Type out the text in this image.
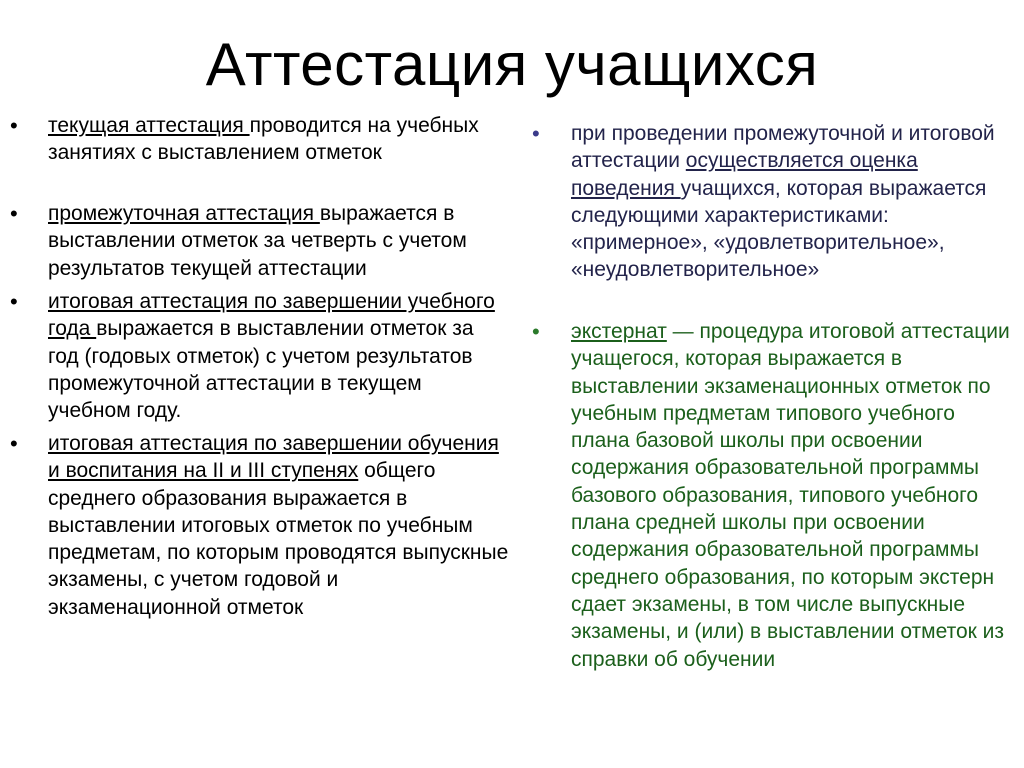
Аттестация учащихся
• текущая аттестация проводится на учебных занятиях с выставлением отметок

• промежуточная аттестация выражается в выставлении отметок за четверть с учетом результатов текущей аттестации

• итоговая аттестация по завершении учебного года выражается в выставлении отметок за год (годовых отметок) с учетом результатов промежуточной аттестации в текущем учебном году.

• итоговая аттестация по завершении обучения и воспитания на II и III ступенях общего среднего образования выражается в выставлении итоговых отметок по учебным предметам, по которым проводятся выпускные экзамены, с учетом годовой и экзаменационной отметок

• при проведении промежуточной и итоговой аттестации осуществляется оценка поведения учащихся, которая выражается следующими характеристиками: «примерное», «удовлетворительное», «неудовлетворительное»

• экстернат — процедура итоговой аттестации учащегося, которая выражается в выставлении экзаменационных отметок по учебным предметам типового учебного плана базовой школы при освоении содержания образовательной программы базового образования, типового учебного плана средней школы при освоении содержания образовательной программы среднего образования, по которым экстерн сдает экзамены, в том числе выпускные экзамены, и (или) в выставлении отметок из справки об обучении
